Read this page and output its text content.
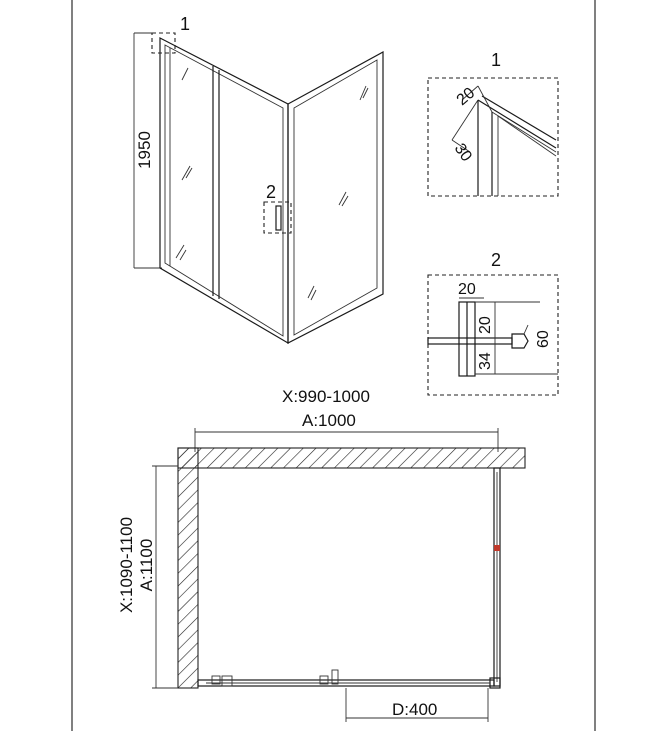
1950
1
2
1
20
30
2
20
20
34
60
X:990-1000
A:1000
X:1090-1100 A:1100
D:400
